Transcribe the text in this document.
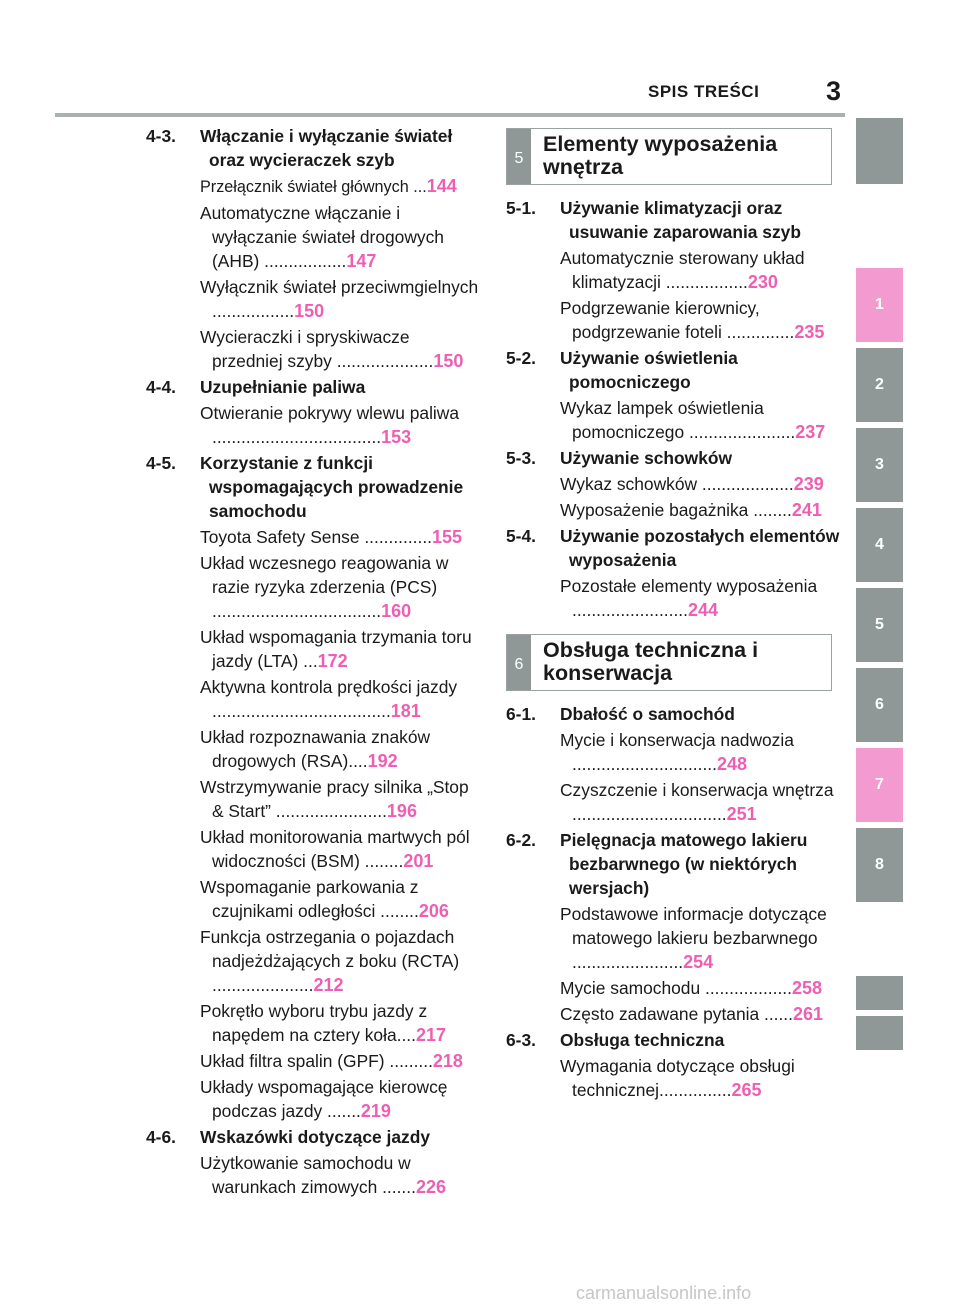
SPIS TREŚCI 3
4-3.	Włączanie i wyłączanie świateł oraz wycieraczek szyb
Przełącznik świateł głównych ...144
Automatyczne włączanie i wyłączanie świateł drogowych (AHB) .................147
Wyłącznik świateł przeciwmgielnych .................150
Wycieraczki i spryskiwacze przedniej szyby ....................150
4-4.	Uzupełnianie paliwa
Otwieranie pokrywy wlewu paliwa ...................................153
4-5.	Korzystanie z funkcji wspomagających prowadzenie samochodu
Toyota Safety Sense ..............155
Układ wczesnego reagowania w razie ryzyka zderzenia (PCS) ...................................160
Układ wspomagania trzymania toru jazdy (LTA) ...172
Aktywna kontrola prędkości jazdy .....................................181
Układ rozpoznawania znaków drogowych (RSA)....192
Wstrzymywanie pracy silnika „Stop & Start” .......................196
Układ monitorowania martwych pól widoczności (BSM) ........201
Wspomaganie parkowania z czujnikami odległości ........206
Funkcja ostrzegania o pojazdach nadjeżdżających z boku (RCTA) .....................212
Pokrętło wyboru trybu jazdy z napędem na cztery koła....217
Układ filtra spalin (GPF) .........218
Układy wspomagające kierowcę podczas jazdy .......219
4-6.	Wskazówki dotyczące jazdy
Użytkowanie samochodu w warunkach zimowych .......226
5
Elementy wyposażenia wnętrza
5-1.	Używanie klimatyzacji oraz usuwanie zaparowania szyb
Automatycznie sterowany układ klimatyzacji .................230
Podgrzewanie kierownicy, podgrzewanie foteli ..............235
5-2.	Używanie oświetlenia pomocniczego
Wykaz lampek oświetlenia pomocniczego ......................237
5-3.	Używanie schowków
Wykaz schowków ...................239
Wyposażenie bagażnika ........241
5-4.	Używanie pozostałych elementów wyposażenia
Pozostałe elementy wyposażenia ........................244
6
Obsługa techniczna i konserwacja
6-1.	Dbałość o samochód
Mycie i konserwacja nadwozia ..............................248
Czyszczenie i konserwacja wnętrza ................................251
6-2.	Pielęgnacja matowego lakieru bezbarwnego (w niektórych wersjach)
Podstawowe informacje dotyczące matowego lakieru bezbarwnego .......................254
Mycie samochodu ..................258
Często zadawane pytania ......261
6-3.	Obsługa techniczna
Wymagania dotyczące obsługi technicznej...............265
1
2
3
4
5
6
7
8
carmanualsonline.info
